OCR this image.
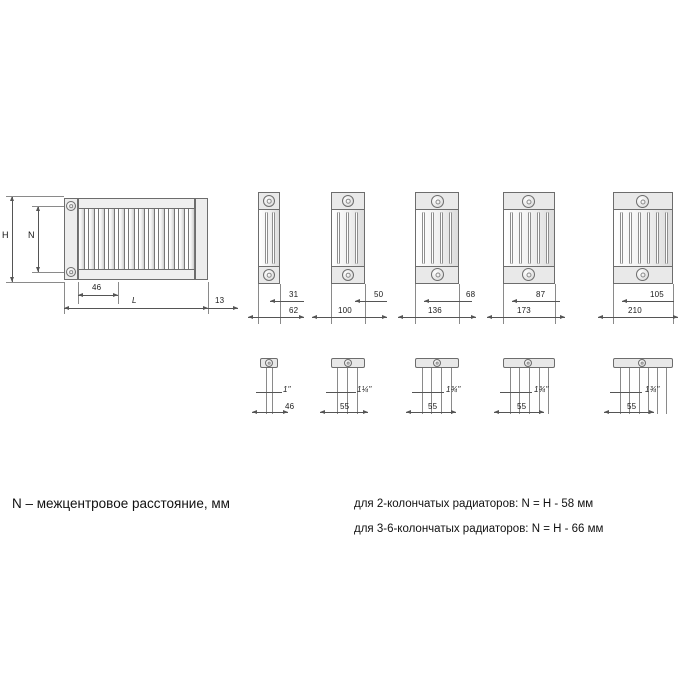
H N
46
L	13
31
62
50
100
68
136
87
173
105
210
1"
46
1¼"
55
1¾"
55
1¾"
55
1¾"
55
N – межцентровое расстояние, мм	для 2-колончатых радиаторов: N = H - 58 мм
для 3-6-колончатых радиаторов: N = H - 66 мм
